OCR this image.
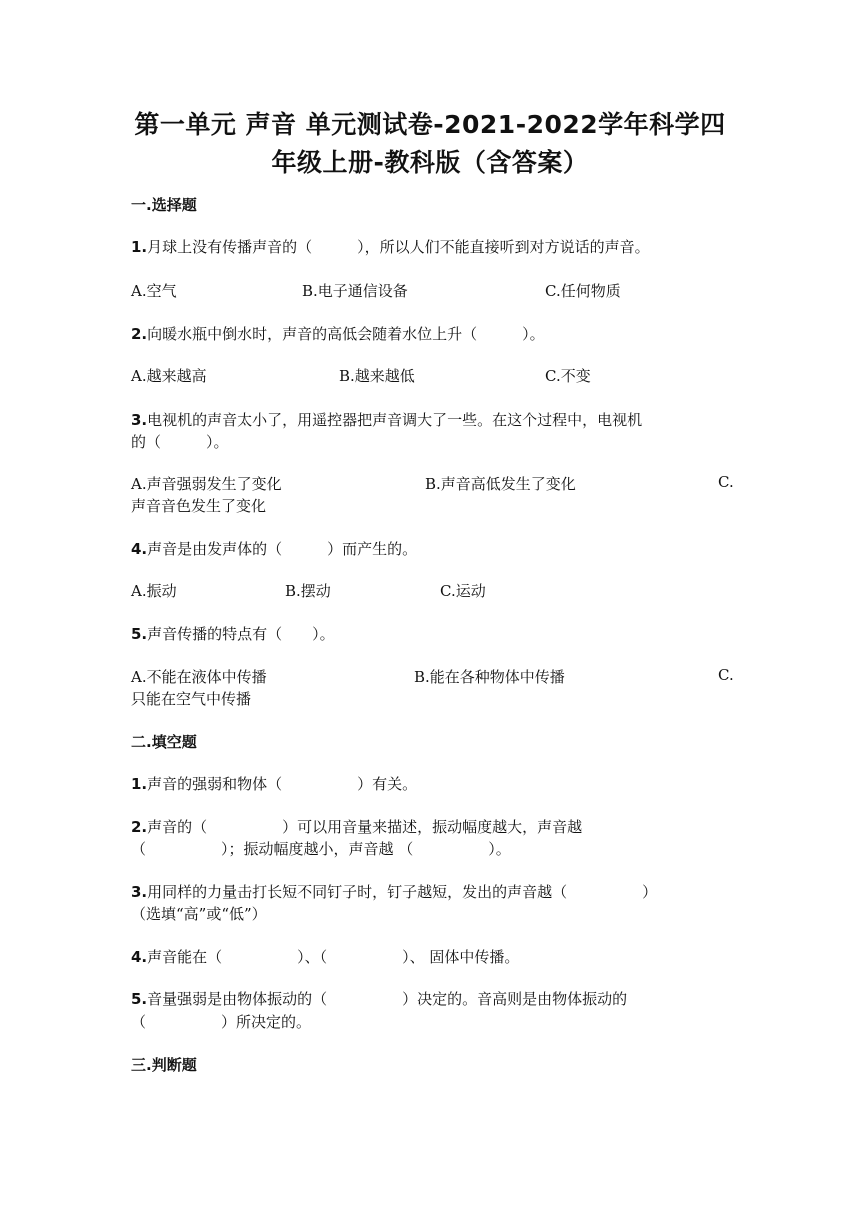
第一单元 声音 单元测试卷-2021-2022学年科学四
年级上册-教科版（含答案）
一.选择题
1.月球上没有传播声音的（　　　），所以人们不能直接听到对方说话的声音。
A.空气	B.电子通信设备	C.任何物质
2.向暖水瓶中倒水时，声音的高低会随着水位上升（　　　）。
A.越来越高	B.越来越低	C.不变
3.电视机的声音太小了，用遥控器把声音调大了一些。在这个过程中，电视机
的（　　　）。
A.声音强弱发生了变化	B.声音高低发生了变化	C.
声音音色发生了变化
4.声音是由发声体的（　　　）而产生的。
A.振动	B.摆动	C.运动
5.声音传播的特点有（　　）。
A.不能在液体中传播	B.能在各种物体中传播	C.
只能在空气中传播
二.填空题
1.声音的强弱和物体（　　　　　）有关。
2.声音的（　　　　　）可以用音量来描述，振动幅度越大，声音越
（　　　　　）；振动幅度越小，声音越 （　　　　　）。
3.用同样的力量击打长短不同钉子时，钉子越短，发出的声音越（　　　　　）
（选填“高”或“低”）
4.声音能在（　　　　　）、（　　　　　）、 固体中传播。
5.音量强弱是由物体振动的（　　　　　）决定的。音高则是由物体振动的
（　　　　　）所决定的。
三.判断题
